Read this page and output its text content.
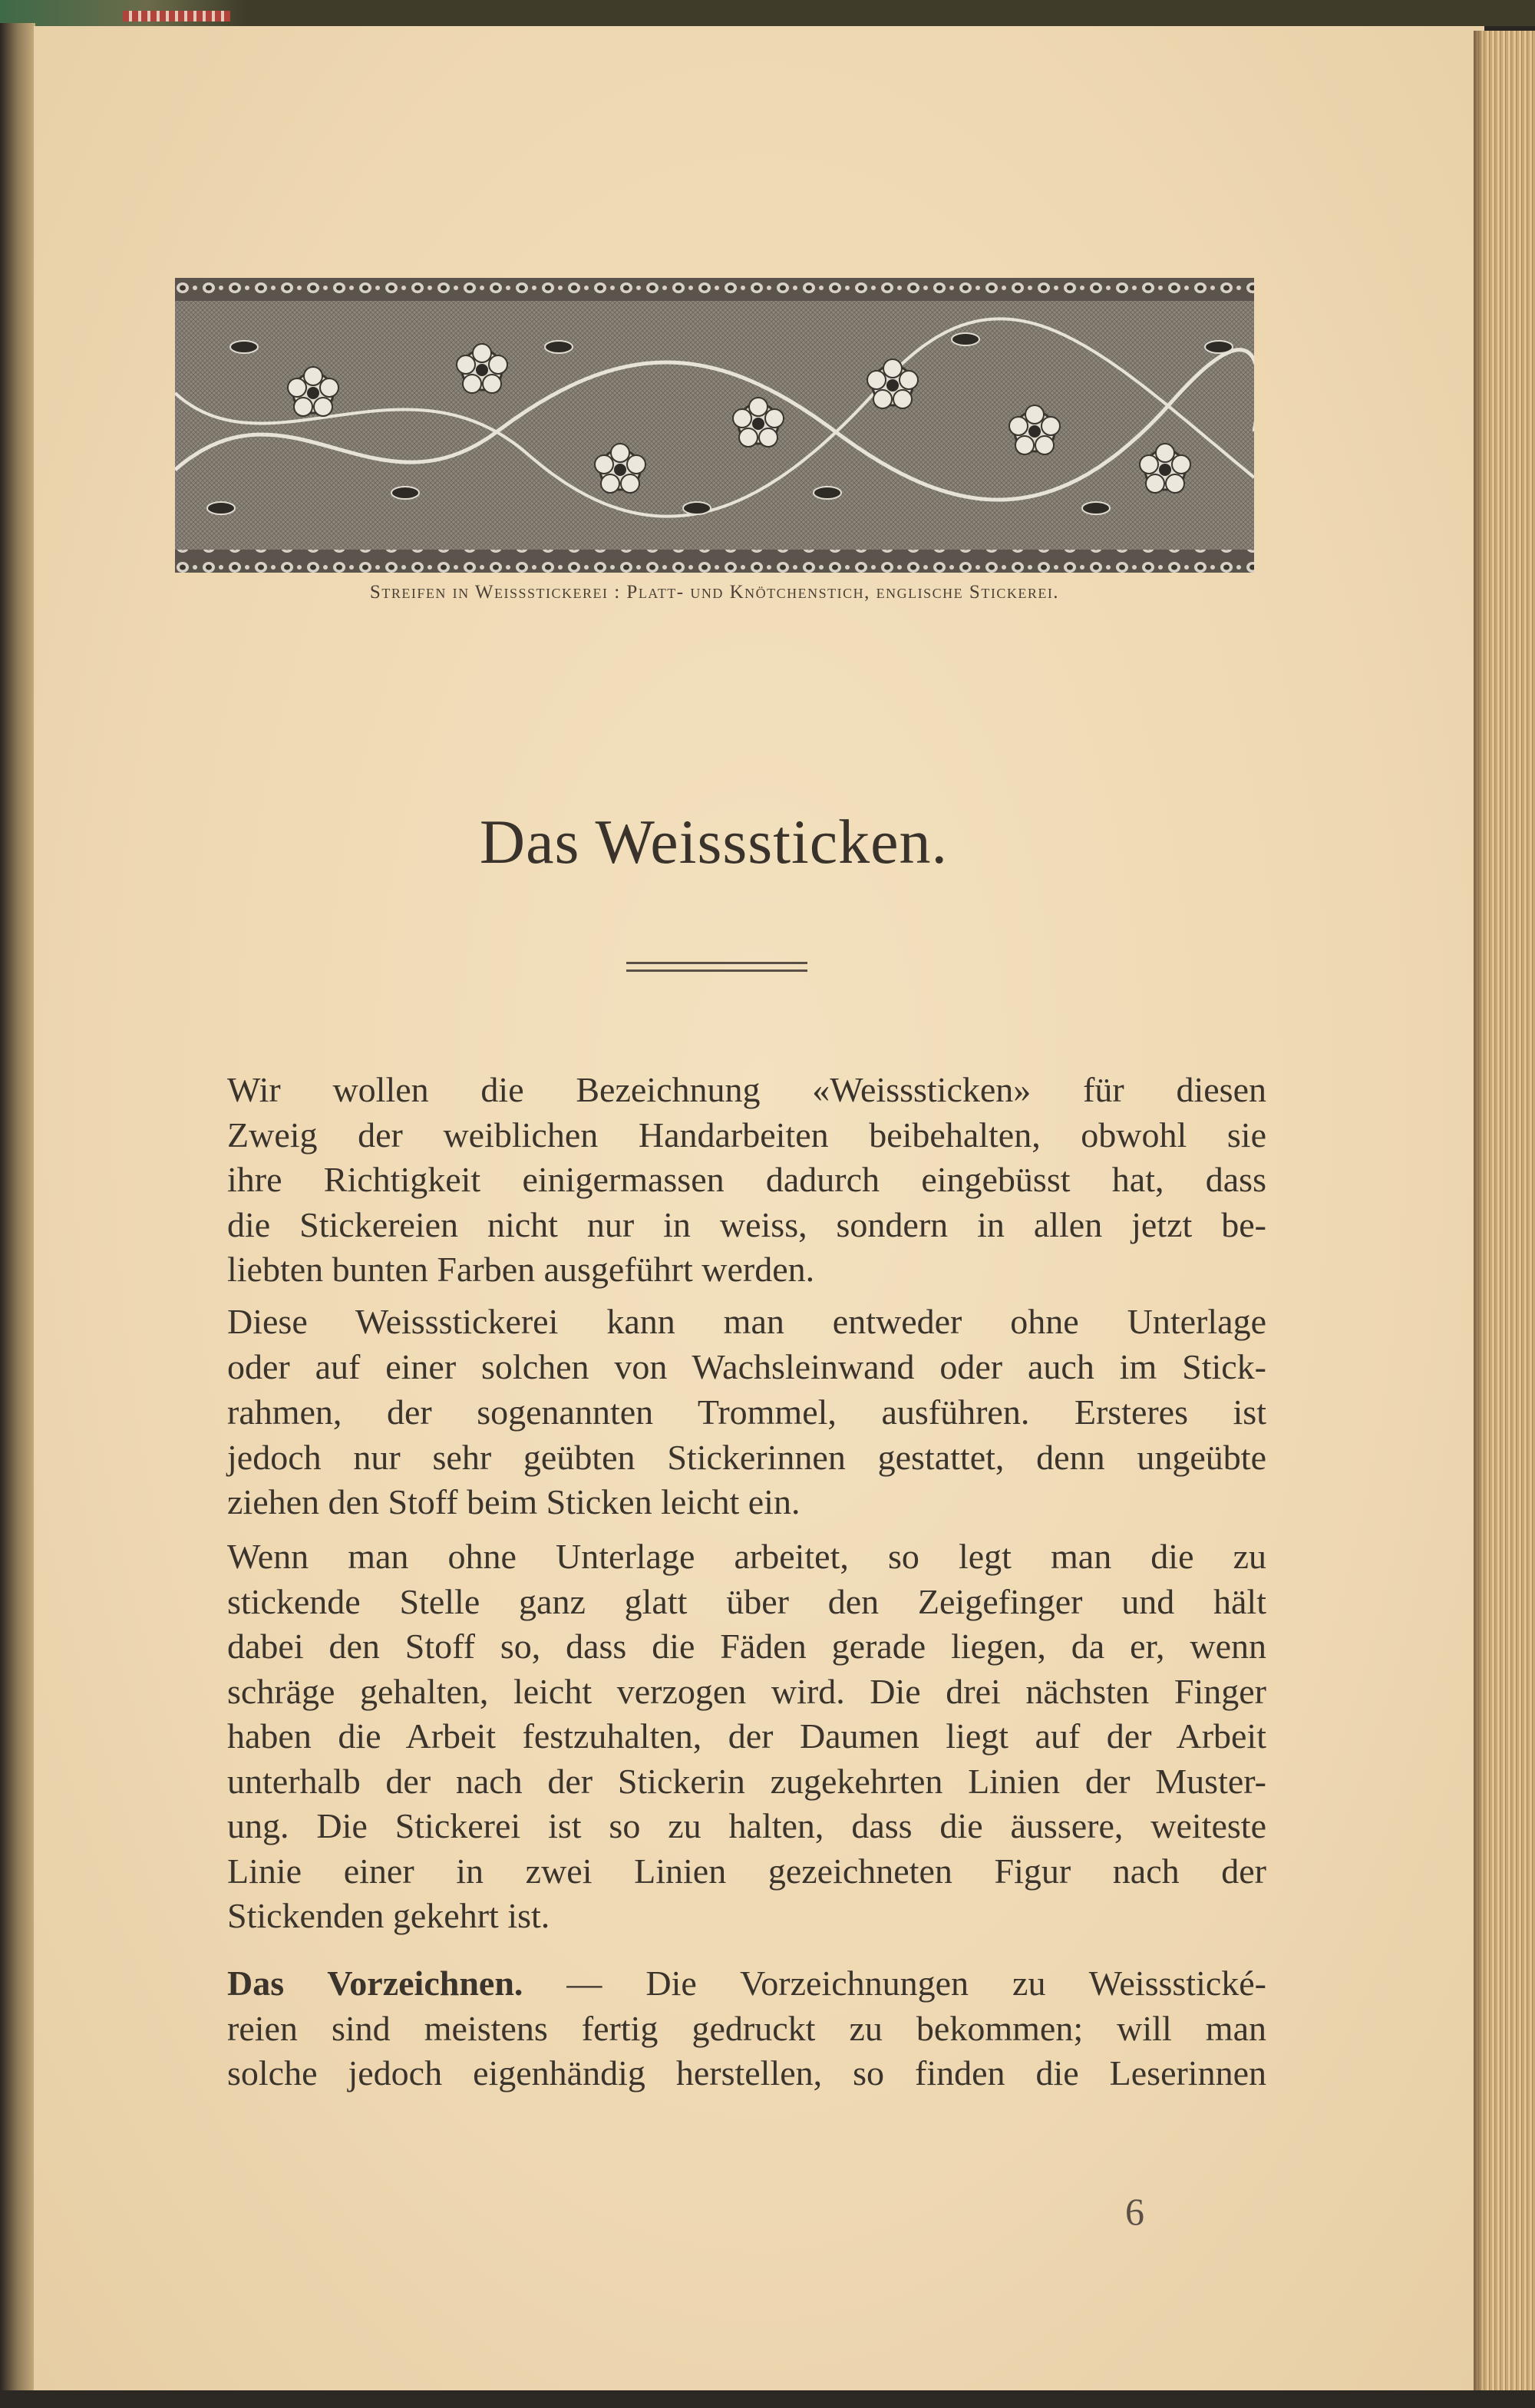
Streifen in Weissstickerei : Platt- und Knötchenstich, englische Stickerei.
Das Weisssticken.
Wir wollen die Bezeichnung «Weisssticken» für diesen
Zweig der weiblichen Handarbeiten beibehalten, obwohl sie
ihre Richtigkeit einigermassen dadurch eingebüsst hat, dass
die Stickereien nicht nur in weiss, sondern in allen jetzt be-
liebten bunten Farben ausgeführt werden.
Diese Weissstickerei kann man entweder ohne Unterlage
oder auf einer solchen von Wachsleinwand oder auch im Stick-
rahmen, der sogenannten Trommel, ausführen. Ersteres ist
jedoch nur sehr geübten Stickerinnen gestattet, denn ungeübte
ziehen den Stoff beim Sticken leicht ein.
Wenn man ohne Unterlage arbeitet, so legt man die zu
stickende Stelle ganz glatt über den Zeigefinger und hält
dabei den Stoff so, dass die Fäden gerade liegen, da er, wenn
schräge gehalten, leicht verzogen wird. Die drei nächsten Finger
haben die Arbeit festzuhalten, der Daumen liegt auf der Arbeit
unterhalb der nach der Stickerin zugekehrten Linien der Muster-
ung. Die Stickerei ist so zu halten, dass die äussere, weiteste
Linie einer in zwei Linien gezeichneten Figur nach der
Stickenden gekehrt ist.
Das Vorzeichnen. — Die Vorzeichnungen zu Weissstické-
reien sind meistens fertig gedruckt zu bekommen; will man
solche jedoch eigenhändig herstellen, so finden die Leserinnen
6
